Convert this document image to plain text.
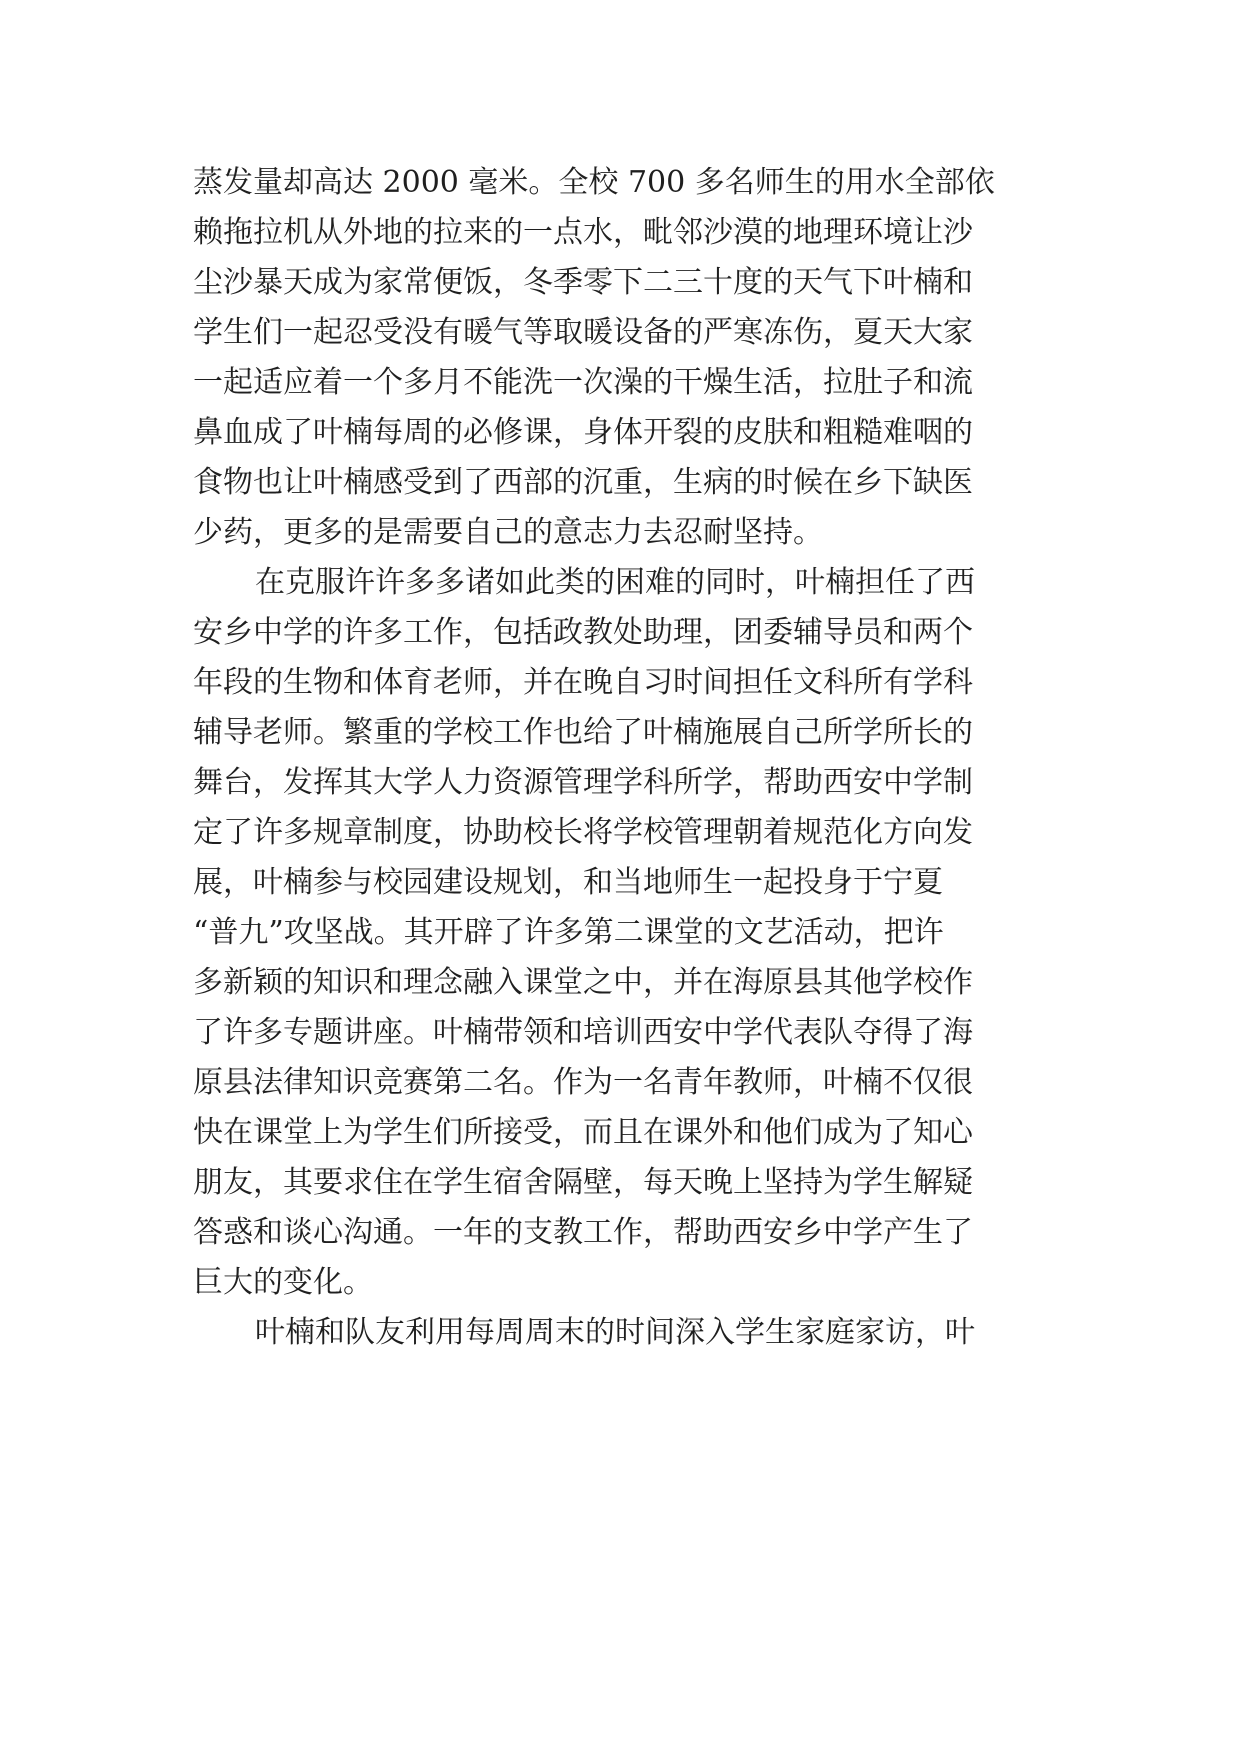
蒸发量却高达 2000 毫米。全校 700 多名师生的用水全部依
赖拖拉机从外地的拉来的一点水，毗邻沙漠的地理环境让沙
尘沙暴天成为家常便饭，冬季零下二三十度的天气下叶楠和
学生们一起忍受没有暖气等取暖设备的严寒冻伤，夏天大家
一起适应着一个多月不能洗一次澡的干燥生活，拉肚子和流
鼻血成了叶楠每周的必修课，身体开裂的皮肤和粗糙难咽的
食物也让叶楠感受到了西部的沉重，生病的时候在乡下缺医
少药，更多的是需要自己的意志力去忍耐坚持。
在克服许许多多诸如此类的困难的同时，叶楠担任了西
安乡中学的许多工作，包括政教处助理，团委辅导员和两个
年段的生物和体育老师，并在晚自习时间担任文科所有学科
辅导老师。繁重的学校工作也给了叶楠施展自己所学所长的
舞台，发挥其大学人力资源管理学科所学，帮助西安中学制
定了许多规章制度，协助校长将学校管理朝着规范化方向发
展，叶楠参与校园建设规划，和当地师生一起投身于宁夏
“普九”攻坚战。其开辟了许多第二课堂的文艺活动，把许
多新颖的知识和理念融入课堂之中，并在海原县其他学校作
了许多专题讲座。叶楠带领和培训西安中学代表队夺得了海
原县法律知识竞赛第二名。作为一名青年教师，叶楠不仅很
快在课堂上为学生们所接受，而且在课外和他们成为了知心
朋友，其要求住在学生宿舍隔壁，每天晚上坚持为学生解疑
答惑和谈心沟通。一年的支教工作，帮助西安乡中学产生了
巨大的变化。
叶楠和队友利用每周周末的时间深入学生家庭家访，叶
